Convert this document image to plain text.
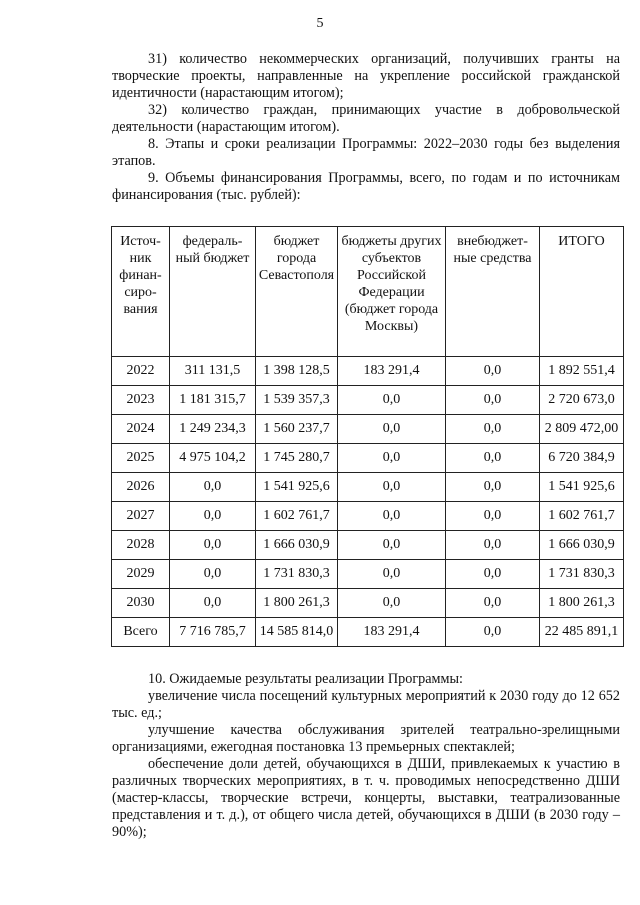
5

31) количество некоммерческих организаций, получивших гранты на творческие проекты, направленные на укрепление российской гражданской идентичности (нарастающим итогом);

32) количество граждан, принимающих участие в добровольческой деятельности (нарастающим итогом).

8. Этапы и сроки реализации Программы: 2022–2030 годы без выделения этапов.

9. Объемы финансирования Программы, всего, по годам и по источникам финансирования (тыс. рублей):

Источ-ник финан-сиро-вания	федераль-ный бюджет	бюджет города Севастополя	бюджеты других субъектов Российской Федерации (бюджет города Москвы)	внебюджет-ные средства	ИТОГО
2022	311 131,5	1 398 128,5	183 291,4	0,0	1 892 551,4
2023	1 181 315,7	1 539 357,3	0,0	0,0	2 720 673,0
2024	1 249 234,3	1 560 237,7	0,0	0,0	2 809 472,00
2025	4 975 104,2	1 745 280,7	0,0	0,0	6 720 384,9
2026	0,0	1 541 925,6	0,0	0,0	1 541 925,6
2027	0,0	1 602 761,7	0,0	0,0	1 602 761,7
2028	0,0	1 666 030,9	0,0	0,0	1 666 030,9
2029	0,0	1 731 830,3	0,0	0,0	1 731 830,3
2030	0,0	1 800 261,3	0,0	0,0	1 800 261,3
Всего	7 716 785,7	14 585 814,0	183 291,4	0,0	22 485 891,1

10. Ожидаемые результаты реализации Программы:

увеличение числа посещений культурных мероприятий к 2030 году до 12 652 тыс. ед.;

улучшение качества обслуживания зрителей театрально-зрелищными организациями, ежегодная постановка 13 премьерных спектаклей;

обеспечение доли детей, обучающихся в ДШИ, привлекаемых к участию в различных творческих мероприятиях, в т. ч. проводимых непосредственно ДШИ (мастер-классы, творческие встречи, концерты, выставки, театрализованные представления и т. д.), от общего числа детей, обучающихся в ДШИ (в 2030 году – 90%);
